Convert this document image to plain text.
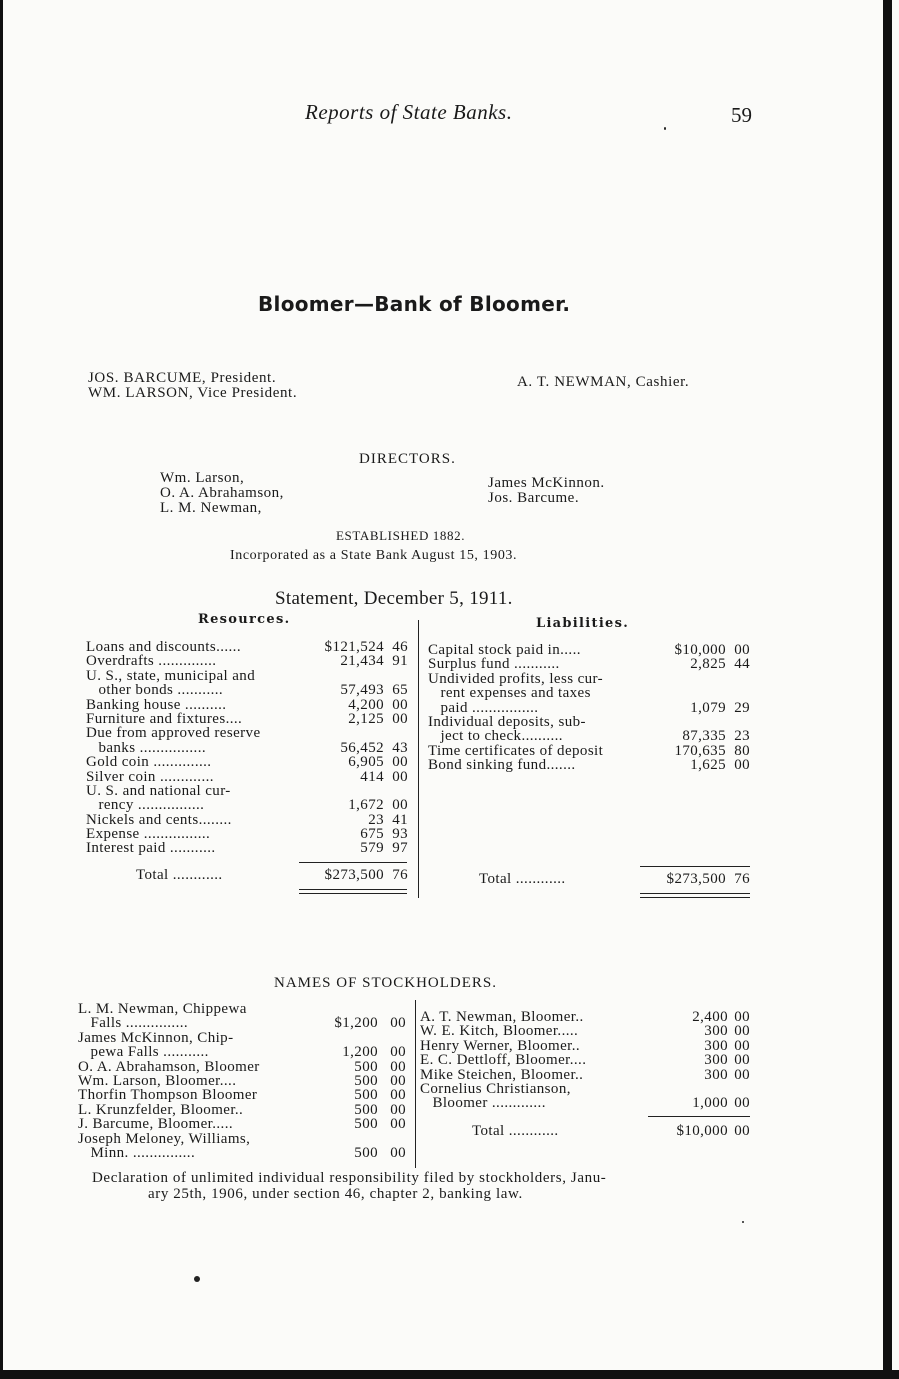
Reports of State Banks.	59
Bloomer—Bank of Bloomer.
JOS. BARCUME, President.
WM. LARSON, Vice President.
A. T. NEWMAN, Cashier.
DIRECTORS.
Wm. Larson,
O. A. Abrahamson,
L. M. Newman,
James McKinnon.
Jos. Barcume.
ESTABLISHED 1882.
Incorporated as a State Bank August 15, 1903.
Statement, December 5, 1911.
Resources.	Liabilities.
Loans and discounts......	$121,524 46
Overdrafts ..............	21,434 91
U. S., state, municipal and
other bonds ...........	57,493 65
Banking house ..........	4,200 00
Furniture and fixtures....	2,125 00
Due from approved reserve
banks ................	56,452 43
Gold coin ..............	6,905 00
Silver coin .............	414 00
U. S. and national cur-
rency ................	1,672 00
Nickels and cents........	23 41
Expense ................	675 93
Interest paid ...........	579 97
Capital stock paid in.....	$10,000 00
Surplus fund ...........	2,825 44
Undivided profits, less cur-
rent expenses and taxes
paid ................	1,079 29
Individual deposits, sub-
ject to check..........	87,335 23
Time certificates of deposit	170,635 80
Bond sinking fund.......	1,625 00
Total ............	$273,500 76	Total ............	$273,500 76
NAMES OF STOCKHOLDERS.
L. M. Newman, Chippewa
Falls ...............	$1,200 00
James McKinnon, Chip-
pewa Falls ...........	1,200 00
O. A. Abrahamson, Bloomer	500 00
Wm. Larson, Bloomer....	500 00
Thorfin Thompson Bloomer	500 00
L. Krunzfelder, Bloomer..	500 00
J. Barcume, Bloomer.....	500 00
Joseph Meloney, Williams,
Minn. ...............	500 00
A. T. Newman, Bloomer..	2,400 00
W. E. Kitch, Bloomer.....	300 00
Henry Werner, Bloomer..	300 00
E. C. Dettloff, Bloomer....	300 00
Mike Steichen, Bloomer..	300 00
Cornelius Christianson,
Bloomer .............	1,000 00
Total ............	$10,000 00
Declaration of unlimited individual responsibility filed by stockholders, Janu-
ary 25th, 1906, under section 46, chapter 2, banking law.
